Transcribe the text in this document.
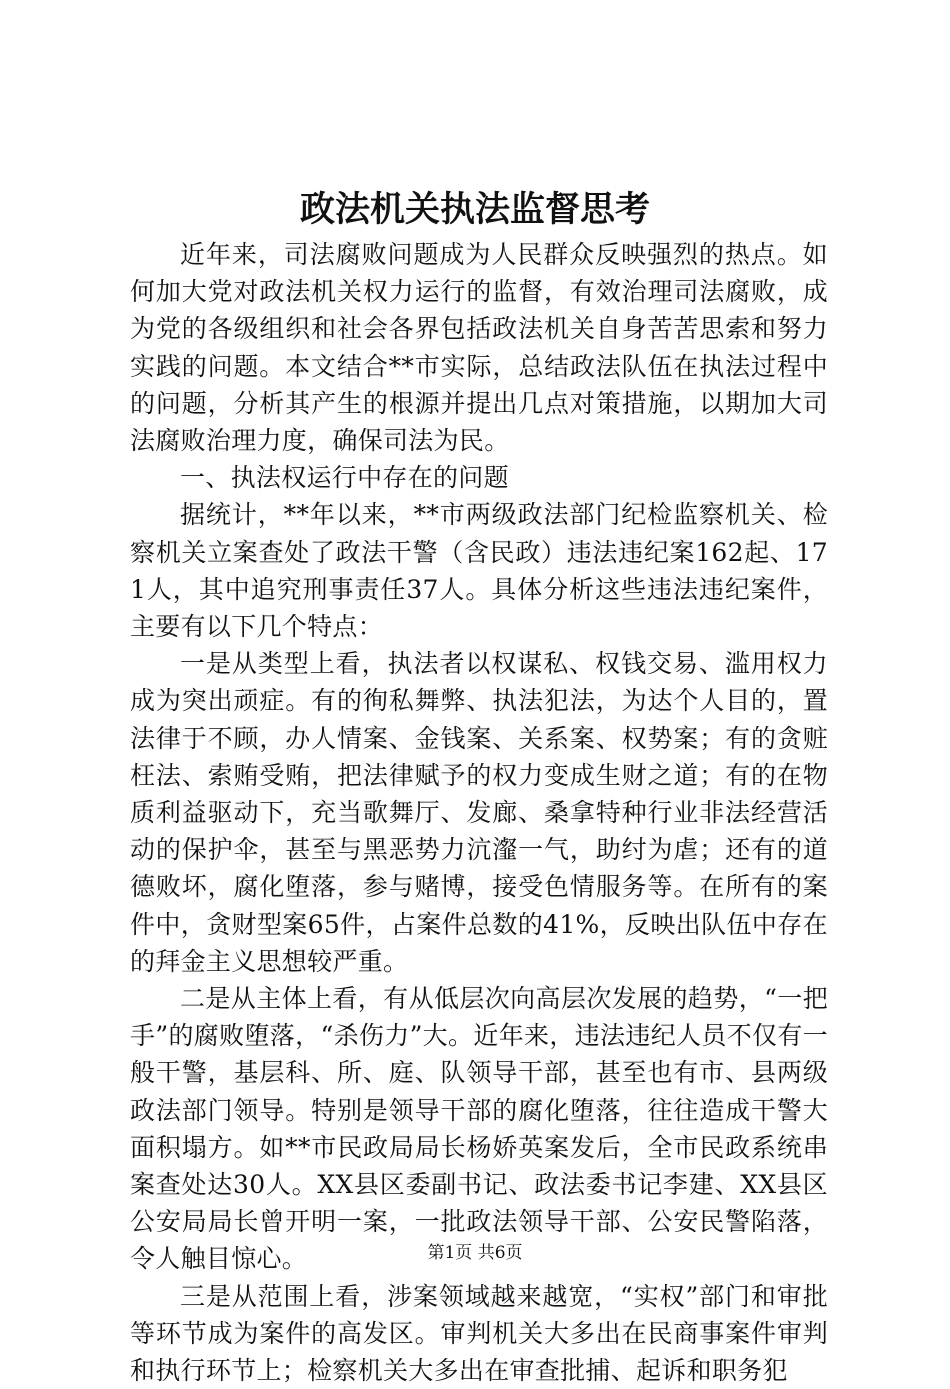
政法机关执法监督思考

近年来，司法腐败问题成为人民群众反映强烈的热点。如何加大党对政法机关权力运行的监督，有效治理司法腐败，成为党的各级组织和社会各界包括政法机关自身苦苦思索和努力实践的问题。本文结合**市实际，总结政法队伍在执法过程中的问题，分析其产生的根源并提出几点对策措施，以期加大司法腐败治理力度，确保司法为民。

一、执法权运行中存在的问题

据统计，**年以来，**市两级政法部门纪检监察机关、检察机关立案查处了政法干警（含民政）违法违纪案162起、171人，其中追究刑事责任37人。具体分析这些违法违纪案件，主要有以下几个特点：

一是从类型上看，执法者以权谋私、权钱交易、滥用权力成为突出顽症。有的徇私舞弊、执法犯法，为达个人目的，置法律于不顾，办人情案、金钱案、关系案、权势案；有的贪赃枉法、索贿受贿，把法律赋予的权力变成生财之道；有的在物质利益驱动下，充当歌舞厅、发廊、桑拿特种行业非法经营活动的保护伞，甚至与黑恶势力沆瀣一气，助纣为虐；还有的道德败坏，腐化堕落，参与赌博，接受色情服务等。在所有的案件中，贪财型案65件，占案件总数的41%，反映出队伍中存在的拜金主义思想较严重。

二是从主体上看，有从低层次向高层次发展的趋势，“一把手”的腐败堕落，“杀伤力”大。近年来，违法违纪人员不仅有一般干警，基层科、所、庭、队领导干部，甚至也有市、县两级政法部门领导。特别是领导干部的腐化堕落，往往造成干警大面积塌方。如**市民政局局长杨娇英案发后，全市民政系统串案查处达30人。XX县区委副书记、政法委书记李建、XX县区公安局局长曾开明一案，一批政法领导干部、公安民警陷落，令人触目惊心。

三是从范围上看，涉案领域越来越宽，“实权”部门和审批等环节成为案件的高发区。审判机关大多出在民商事案件审判和执行环节上；检察机关大多出在审查批捕、起诉和职务犯

第1页 共6页
